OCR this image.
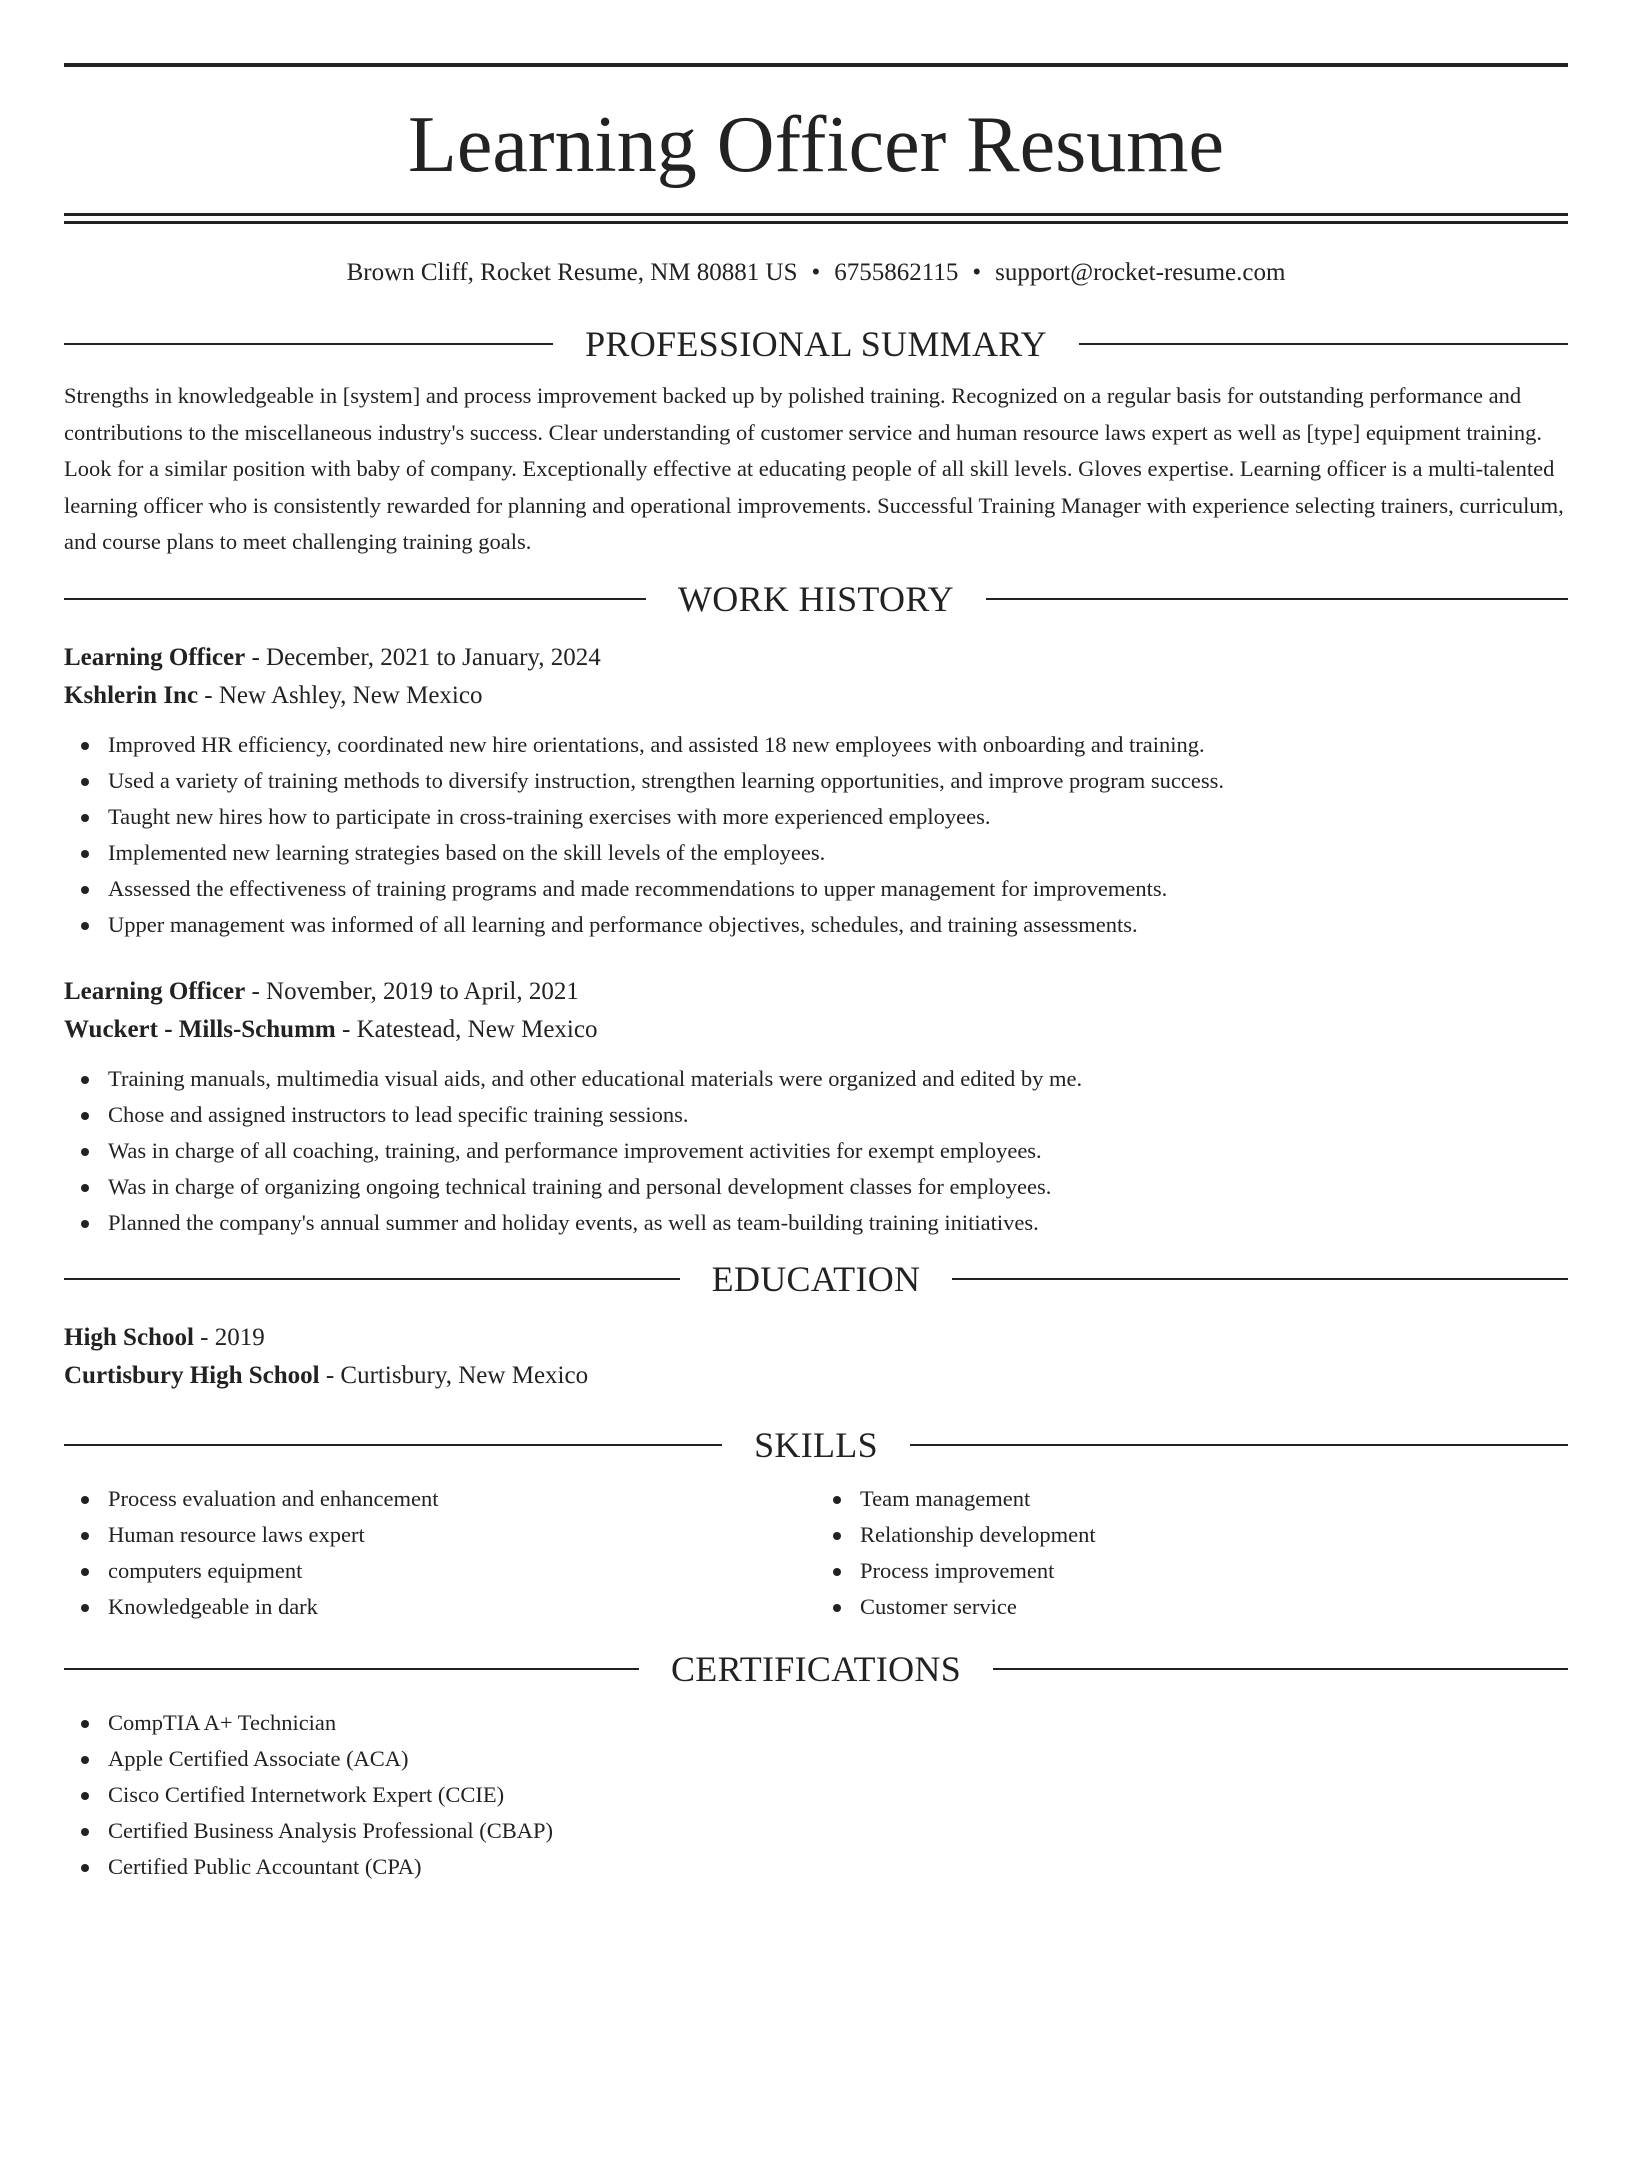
Learning Officer Resume
Brown Cliff, Rocket Resume, NM 80881 US • 6755862115 • support@rocket-resume.com
PROFESSIONAL SUMMARY
Strengths in knowledgeable in [system] and process improvement backed up by polished training. Recognized on a regular basis for outstanding performance and contributions to the miscellaneous industry's success. Clear understanding of customer service and human resource laws expert as well as [type] equipment training. Look for a similar position with baby of company. Exceptionally effective at educating people of all skill levels. Gloves expertise. Learning officer is a multi-talented learning officer who is consistently rewarded for planning and operational improvements. Successful Training Manager with experience selecting trainers, curriculum, and course plans to meet challenging training goals.
WORK HISTORY
Learning Officer - December, 2021 to January, 2024
Kshlerin Inc - New Ashley, New Mexico
Improved HR efficiency, coordinated new hire orientations, and assisted 18 new employees with onboarding and training.
Used a variety of training methods to diversify instruction, strengthen learning opportunities, and improve program success.
Taught new hires how to participate in cross-training exercises with more experienced employees.
Implemented new learning strategies based on the skill levels of the employees.
Assessed the effectiveness of training programs and made recommendations to upper management for improvements.
Upper management was informed of all learning and performance objectives, schedules, and training assessments.
Learning Officer - November, 2019 to April, 2021
Wuckert - Mills-Schumm - Katestead, New Mexico
Training manuals, multimedia visual aids, and other educational materials were organized and edited by me.
Chose and assigned instructors to lead specific training sessions.
Was in charge of all coaching, training, and performance improvement activities for exempt employees.
Was in charge of organizing ongoing technical training and personal development classes for employees.
Planned the company's annual summer and holiday events, as well as team-building training initiatives.
EDUCATION
High School - 2019
Curtisbury High School - Curtisbury, New Mexico
SKILLS
Process evaluation and enhancement
Human resource laws expert
computers equipment
Knowledgeable in dark
Team management
Relationship development
Process improvement
Customer service
CERTIFICATIONS
CompTIA A+ Technician
Apple Certified Associate (ACA)
Cisco Certified Internetwork Expert (CCIE)
Certified Business Analysis Professional (CBAP)
Certified Public Accountant (CPA)
